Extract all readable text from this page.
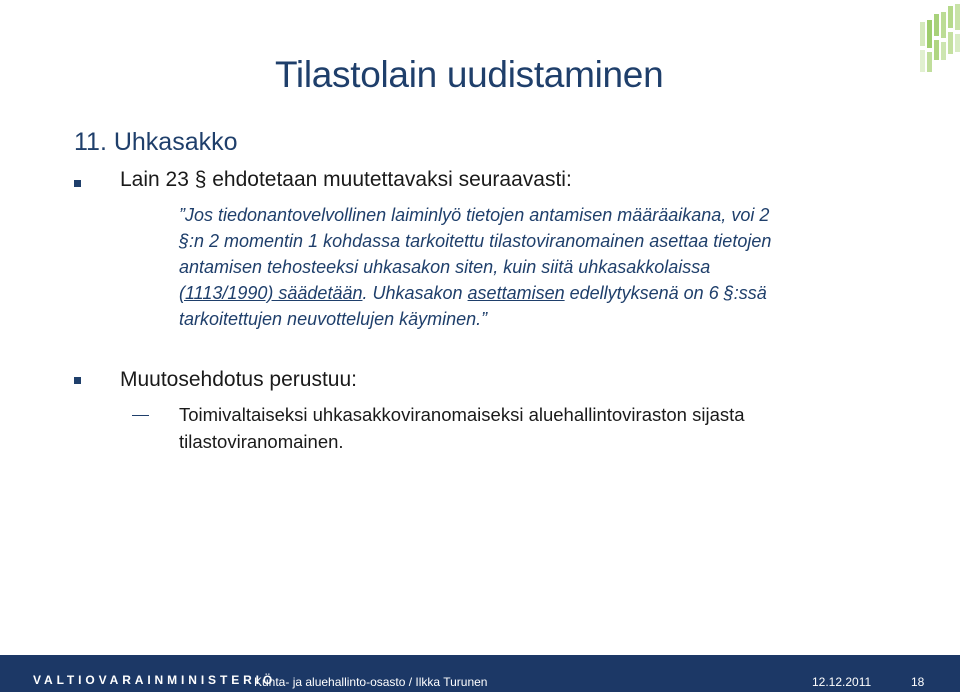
Tilastolain uudistaminen
11. Uhkasakko
Lain 23 § ehdotetaan muutettavaksi seuraavasti:
”Jos tiedonantovelvollinen laiminlyö tietojen antamisen määräaikana, voi 2
§:n 2 momentin 1 kohdassa tarkoitettu tilastoviranomainen asettaa tietojen
antamisen tehosteeksi uhkasakon siten, kuin siitä uhkasakkolaissa
(1113/1990) säädetään. Uhkasakon asettamisen edellytyksenä on 6 §:ssä
tarkoitettujen neuvottelujen käyminen.”
Muutosehdotus perustuu:
Toimivaltaiseksi uhkasakkoviranomaiseksi aluehallintoviraston sijasta
tilastoviranomainen.
VALTIOVARAINMINISTERIÖ
Kunta- ja aluehallinto-osasto / Ilkka Turunen	12.12.2011	18
